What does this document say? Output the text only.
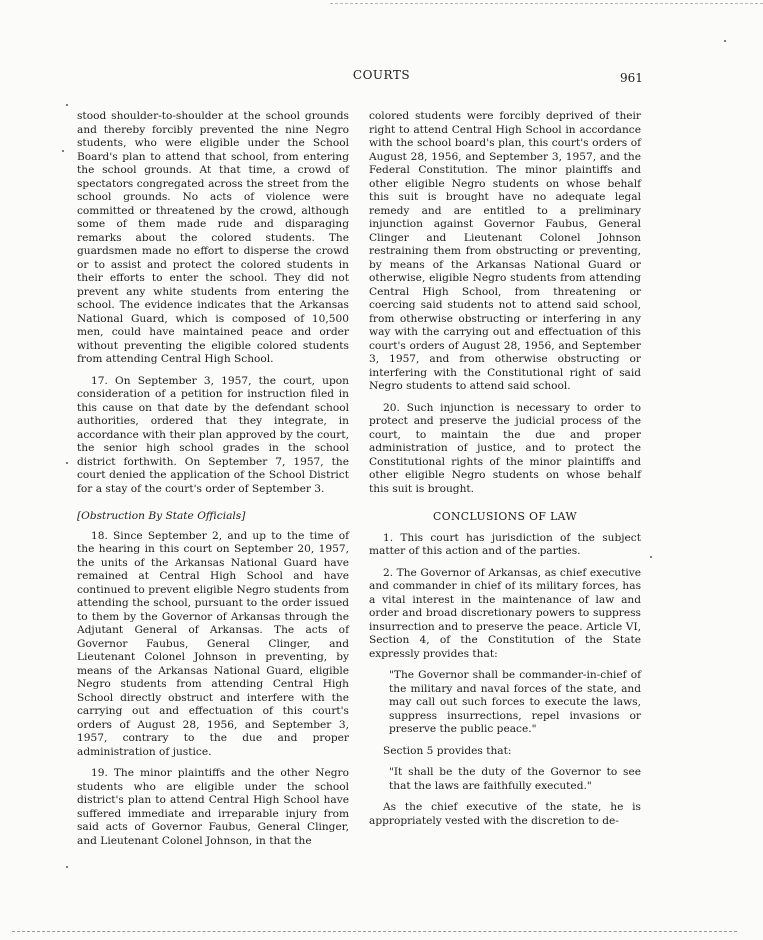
COURTS	961

stood shoulder-to-shoulder at the school grounds and thereby forcibly prevented the nine Negro students, who were eligible under the School Board's plan to attend that school, from entering the school grounds. At that time, a crowd of spectators congregated across the street from the school grounds. No acts of violence were committed or threatened by the crowd, although some of them made rude and disparaging remarks about the colored students. The guardsmen made no effort to disperse the crowd or to assist and protect the colored students in their efforts to enter the school. They did not prevent any white students from entering the school. The evidence indicates that the Arkansas National Guard, which is composed of 10,500 men, could have maintained peace and order without preventing the eligible colored students from attending Central High School.

17. On September 3, 1957, the court, upon consideration of a petition for instruction filed in this cause on that date by the defendant school authorities, ordered that they integrate, in accordance with their plan approved by the court, the senior high school grades in the school district forthwith. On September 7, 1957, the court denied the application of the School District for a stay of the court's order of September 3.

[Obstruction By State Officials]

18. Since September 2, and up to the time of the hearing in this court on September 20, 1957, the units of the Arkansas National Guard have remained at Central High School and have continued to prevent eligible Negro students from attending the school, pursuant to the order issued to them by the Governor of Arkansas through the Adjutant General of Arkansas. The acts of Governor Faubus, General Clinger, and Lieutenant Colonel Johnson in preventing, by means of the Arkansas National Guard, eligible Negro students from attending Central High School directly obstruct and interfere with the carrying out and effectuation of this court's orders of August 28, 1956, and September 3, 1957, contrary to the due and proper administration of justice.

19. The minor plaintiffs and the other Negro students who are eligible under the school district's plan to attend Central High School have suffered immediate and irreparable injury from said acts of Governor Faubus, General Clinger, and Lieutenant Colonel Johnson, in that the

colored students were forcibly deprived of their right to attend Central High School in accordance with the school board's plan, this court's orders of August 28, 1956, and September 3, 1957, and the Federal Constitution. The minor plaintiffs and other eligible Negro students on whose behalf this suit is brought have no adequate legal remedy and are entitled to a preliminary injunction against Governor Faubus, General Clinger and Lieutenant Colonel Johnson restraining them from obstructing or preventing, by means of the Arkansas National Guard or otherwise, eligible Negro students from attending Central High School, from threatening or coercing said students not to attend said school, from otherwise obstructing or interfering in any way with the carrying out and effectuation of this court's orders of August 28, 1956, and September 3, 1957, and from otherwise obstructing or interfering with the Constitutional right of said Negro students to attend said school.

20. Such injunction is necessary to order to protect and preserve the judicial process of the court, to maintain the due and proper administration of justice, and to protect the Constitutional rights of the minor plaintiffs and other eligible Negro students on whose behalf this suit is brought.

CONCLUSIONS OF LAW

1. This court has jurisdiction of the subject matter of this action and of the parties.

2. The Governor of Arkansas, as chief executive and commander in chief of its military forces, has a vital interest in the maintenance of law and order and broad discretionary powers to suppress insurrection and to preserve the peace. Article VI, Section 4, of the Constitution of the State expressly provides that:

"The Governor shall be commander-in-chief of the military and naval forces of the state, and may call out such forces to execute the laws, suppress insurrections, repel invasions or preserve the public peace."

Section 5 provides that:

"It shall be the duty of the Governor to see that the laws are faithfully executed."

As the chief executive of the state, he is appropriately vested with the discretion to de-
